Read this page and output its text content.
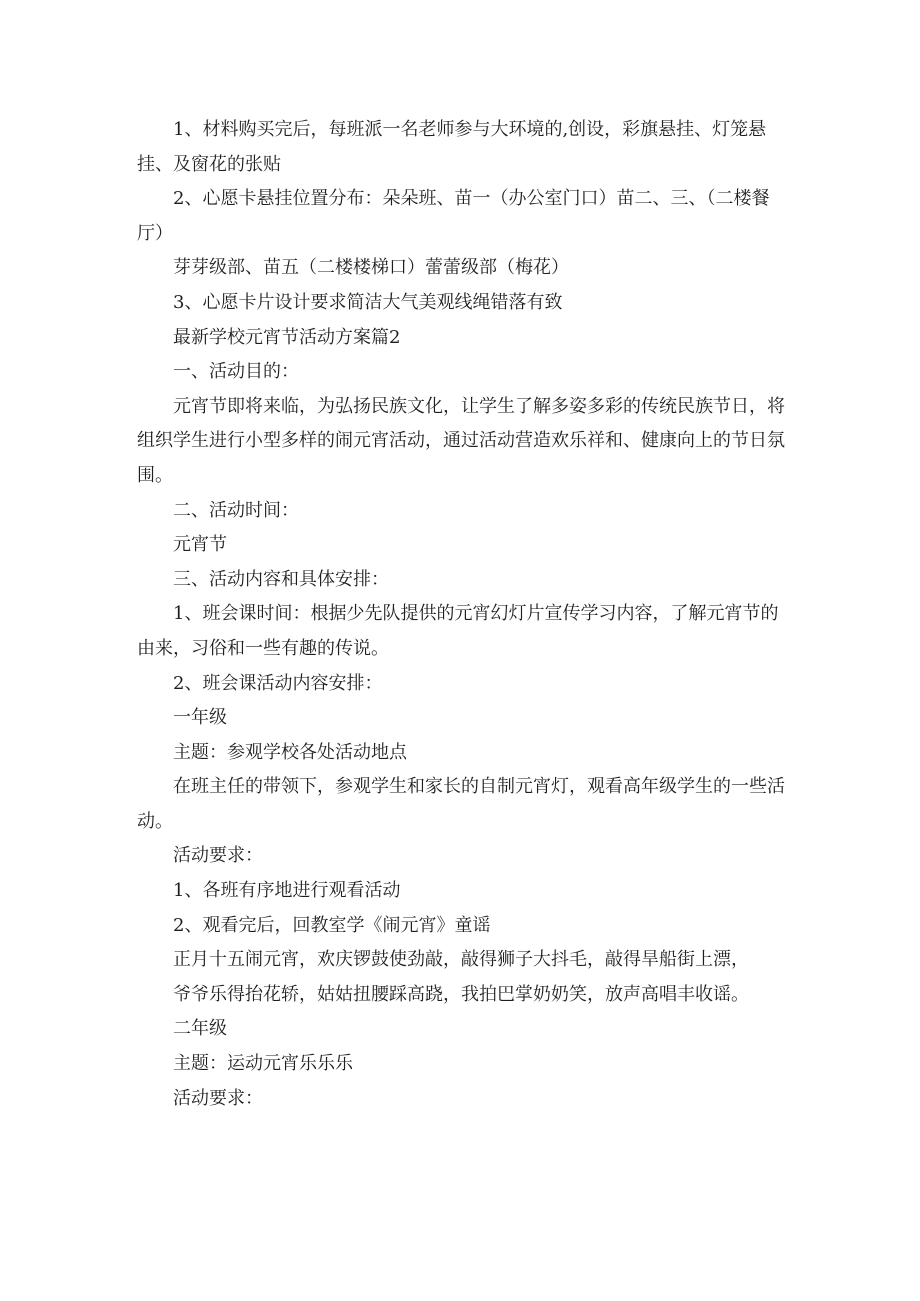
1、材料购买完后，每班派一名老师参与大环境的,创设，彩旗悬挂、灯笼悬挂、及窗花的张贴

2、心愿卡悬挂位置分布：朵朵班、苗一（办公室门口）苗二、三、（二楼餐厅）

芽芽级部、苗五（二楼楼梯口）蕾蕾级部（梅花）

3、心愿卡片设计要求简洁大气美观线绳错落有致

最新学校元宵节活动方案篇2

一、活动目的：

元宵节即将来临，为弘扬民族文化，让学生了解多姿多彩的传统民族节日，将组织学生进行小型多样的闹元宵活动，通过活动营造欢乐祥和、健康向上的节日氛围。

二、活动时间：

元宵节

三、活动内容和具体安排：

1、班会课时间：根据少先队提供的元宵幻灯片宣传学习内容，了解元宵节的由来，习俗和一些有趣的传说。

2、班会课活动内容安排：

一年级

主题：参观学校各处活动地点

在班主任的带领下，参观学生和家长的自制元宵灯，观看高年级学生的一些活动。

活动要求：

1、各班有序地进行观看活动

2、观看完后，回教室学《闹元宵》童谣

正月十五闹元宵，欢庆锣鼓使劲敲，敲得狮子大抖毛，敲得旱船街上漂，

爷爷乐得抬花轿，姑姑扭腰踩高跷，我拍巴掌奶奶笑，放声高唱丰收谣。

二年级

主题：运动元宵乐乐乐

活动要求：
